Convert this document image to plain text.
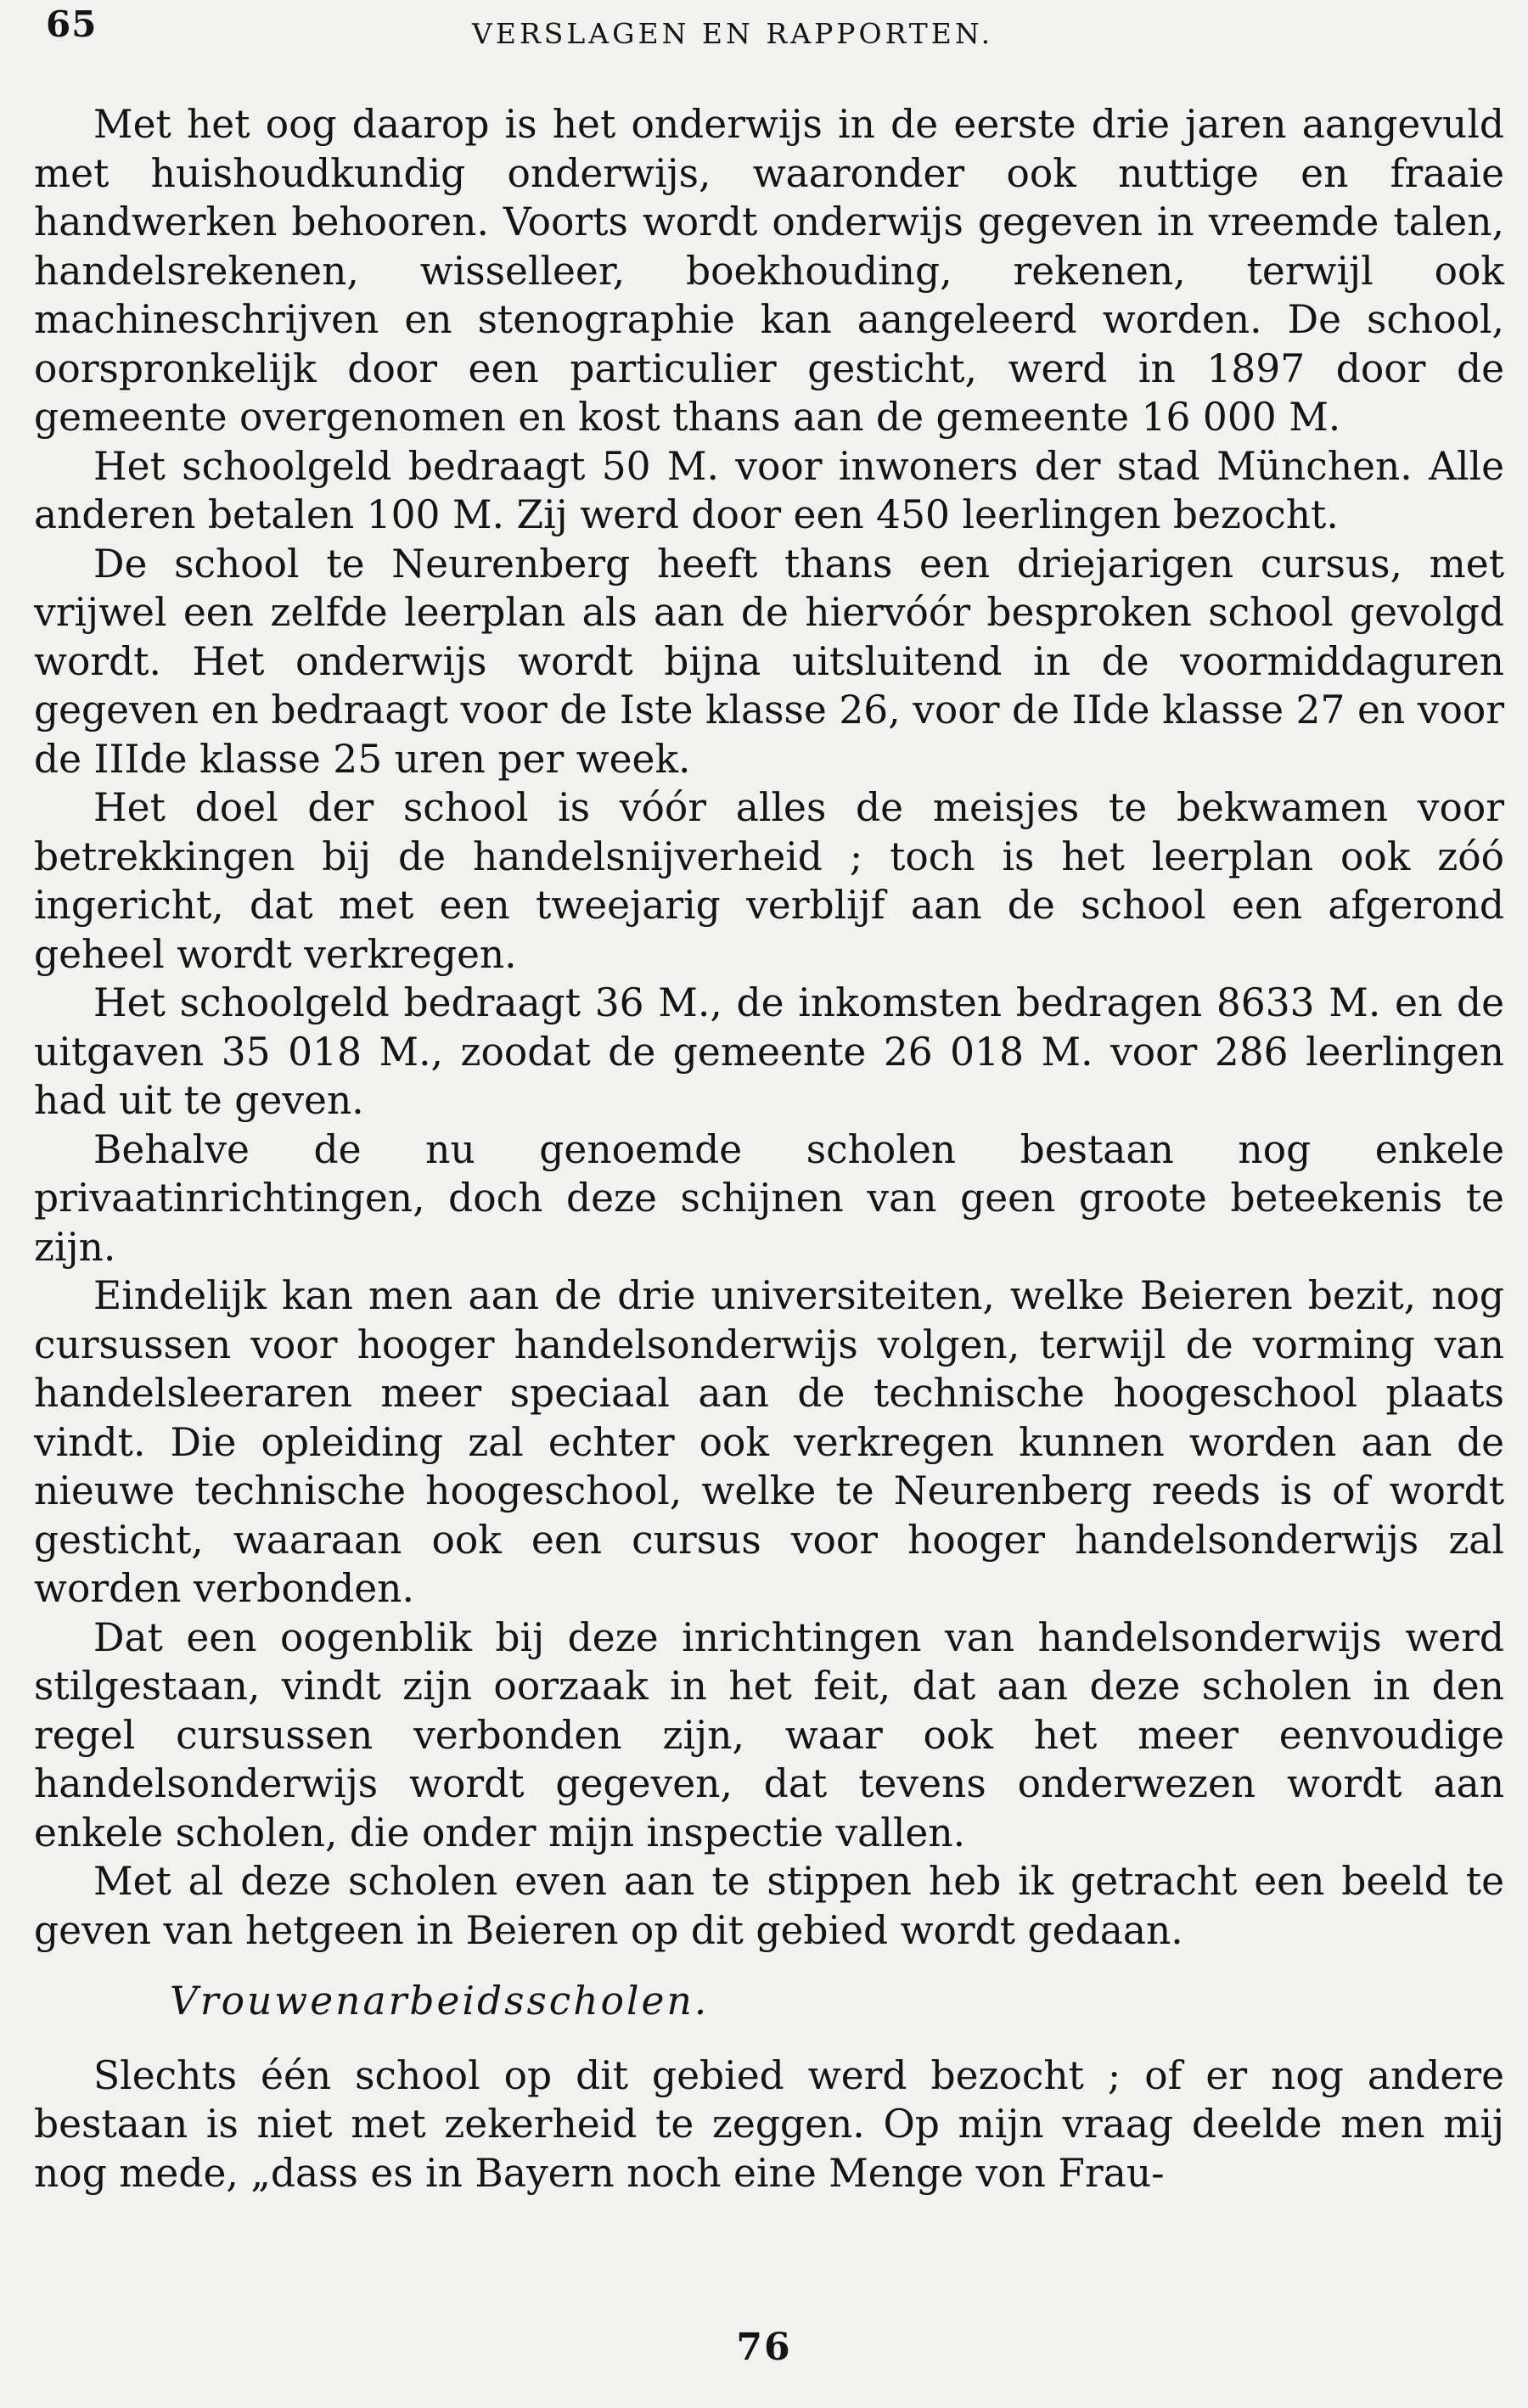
65	VERSLAGEN EN RAPPORTEN.

Met het oog daarop is het onderwijs in de eerste drie jaren aangevuld met huishoudkundig onderwijs, waaronder ook nuttige en fraaie handwerken behooren. Voorts wordt onderwijs gegeven in vreemde talen, handelsrekenen, wisselleer, boekhouding, rekenen, terwijl ook machineschrijven en stenographie kan aangeleerd worden. De school, oorspronkelijk door een particulier gesticht, werd in 1897 door de gemeente overgenomen en kost thans aan de gemeente 16 000 M.

Het schoolgeld bedraagt 50 M. voor inwoners der stad München. Alle anderen betalen 100 M. Zij werd door een 450 leerlingen bezocht.

De school te Neurenberg heeft thans een driejarigen cursus, met vrijwel een zelfde leerplan als aan de hiervóór besproken school gevolgd wordt. Het onderwijs wordt bijna uitsluitend in de voormiddaguren gegeven en bedraagt voor de Iste klasse 26, voor de IIde klasse 27 en voor de IIIde klasse 25 uren per week.

Het doel der school is vóór alles de meisjes te bekwamen voor betrekkingen bij de handelsnijverheid ; toch is het leerplan ook zóó ingericht, dat met een tweejarig verblijf aan de school een afgerond geheel wordt verkregen.

Het schoolgeld bedraagt 36 M., de inkomsten bedragen 8633 M. en de uitgaven 35 018 M., zoodat de gemeente 26 018 M. voor 286 leerlingen had uit te geven.

Behalve de nu genoemde scholen bestaan nog enkele privaatinrichtingen, doch deze schijnen van geen groote beteekenis te zijn.

Eindelijk kan men aan de drie universiteiten, welke Beieren bezit, nog cursussen voor hooger handelsonderwijs volgen, terwijl de vorming van handelsleeraren meer speciaal aan de technische hoogeschool plaats vindt. Die opleiding zal echter ook verkregen kunnen worden aan de nieuwe technische hoogeschool, welke te Neurenberg reeds is of wordt gesticht, waaraan ook een cursus voor hooger handelsonderwijs zal worden verbonden.

Dat een oogenblik bij deze inrichtingen van handelsonderwijs werd stilgestaan, vindt zijn oorzaak in het feit, dat aan deze scholen in den regel cursussen verbonden zijn, waar ook het meer eenvoudige handelsonderwijs wordt gegeven, dat tevens onderwezen wordt aan enkele scholen, die onder mijn inspectie vallen.

Met al deze scholen even aan te stippen heb ik getracht een beeld te geven van hetgeen in Beieren op dit gebied wordt gedaan.

Vrouwenarbeidsscholen.

Slechts één school op dit gebied werd bezocht ; of er nog andere bestaan is niet met zekerheid te zeggen. Op mijn vraag deelde men mij nog mede, „dass es in Bayern noch eine Menge von Frau-

76
